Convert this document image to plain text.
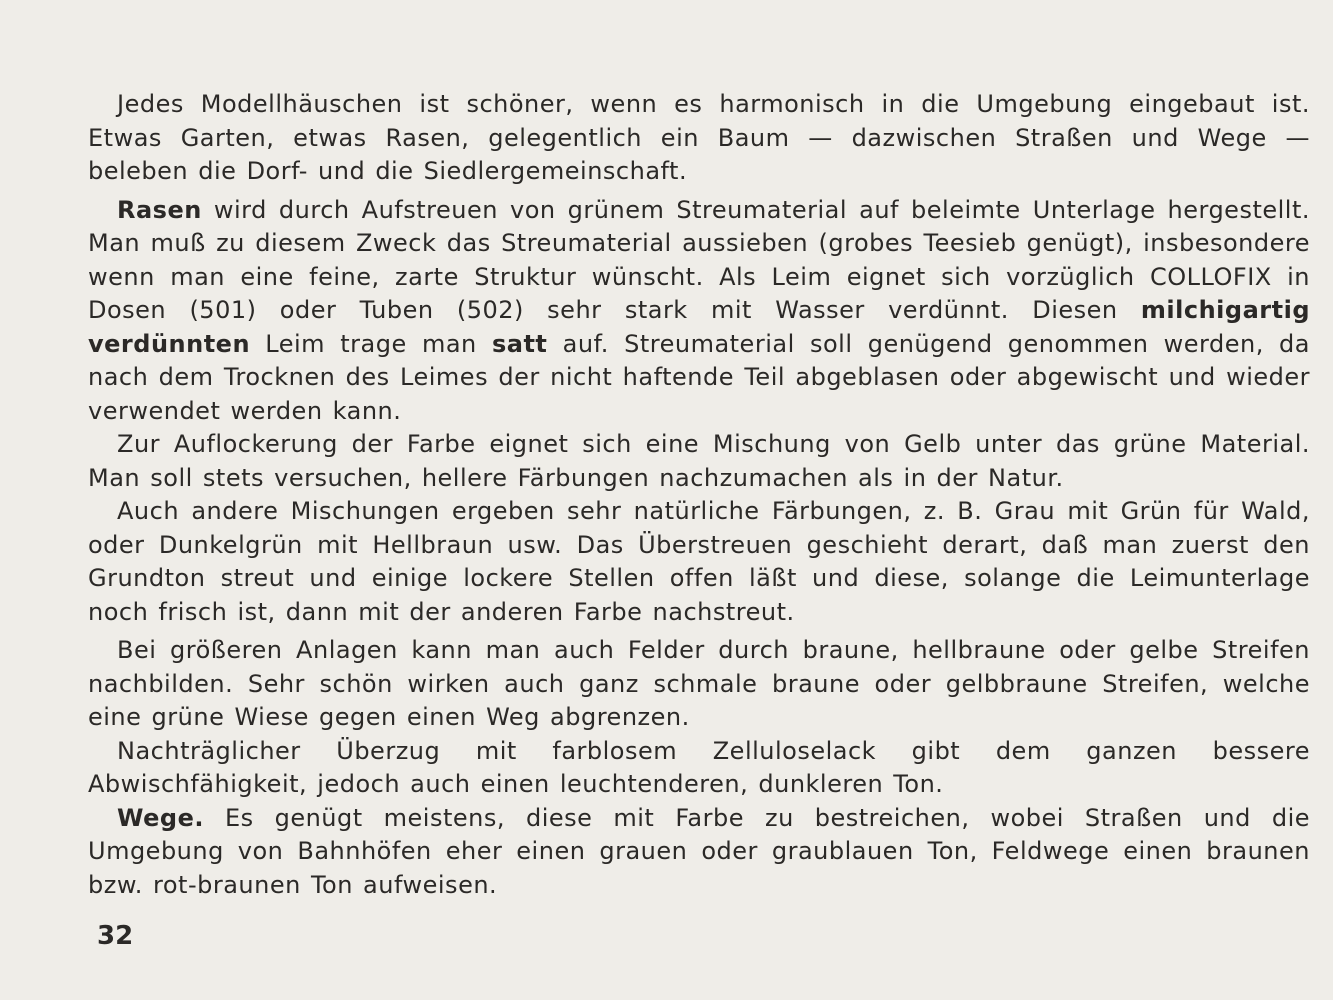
Jedes Modellhäuschen ist schöner, wenn es harmonisch in die Umgebung eingebaut ist. Etwas Garten, etwas Rasen, gelegentlich ein Baum — dazwischen Straßen und Wege — beleben die Dorf- und die Siedlergemeinschaft.

Rasen wird durch Aufstreuen von grünem Streumaterial auf beleimte Unterlage hergestellt. Man muß zu diesem Zweck das Streumaterial aussieben (grobes Teesieb genügt), insbesondere wenn man eine feine, zarte Struktur wünscht. Als Leim eignet sich vorzüglich COLLOFIX in Dosen (501) oder Tuben (502) sehr stark mit Wasser verdünnt. Diesen milchigartig verdünnten Leim trage man satt auf. Streumaterial soll genügend genommen werden, da nach dem Trocknen des Leimes der nicht haftende Teil abgeblasen oder abgewischt und wieder verwendet werden kann.

Zur Auflockerung der Farbe eignet sich eine Mischung von Gelb unter das grüne Material. Man soll stets versuchen, hellere Färbungen nachzumachen als in der Natur.

Auch andere Mischungen ergeben sehr natürliche Färbungen, z. B. Grau mit Grün für Wald, oder Dunkelgrün mit Hellbraun usw. Das Überstreuen geschieht derart, daß man zuerst den Grundton streut und einige lockere Stellen offen läßt und diese, solange die Leimunterlage noch frisch ist, dann mit der anderen Farbe nachstreut.

Bei größeren Anlagen kann man auch Felder durch braune, hellbraune oder gelbe Streifen nachbilden. Sehr schön wirken auch ganz schmale braune oder gelbbraune Streifen, welche eine grüne Wiese gegen einen Weg abgrenzen.

Nachträglicher Überzug mit farblosem Zelluloselack gibt dem ganzen bessere Abwischfähigkeit, jedoch auch einen leuchtenderen, dunkleren Ton.

Wege. Es genügt meistens, diese mit Farbe zu bestreichen, wobei Straßen und die Umgebung von Bahnhöfen eher einen grauen oder graublauen Ton, Feldwege einen braunen bzw. rot-braunen Ton aufweisen.

32
